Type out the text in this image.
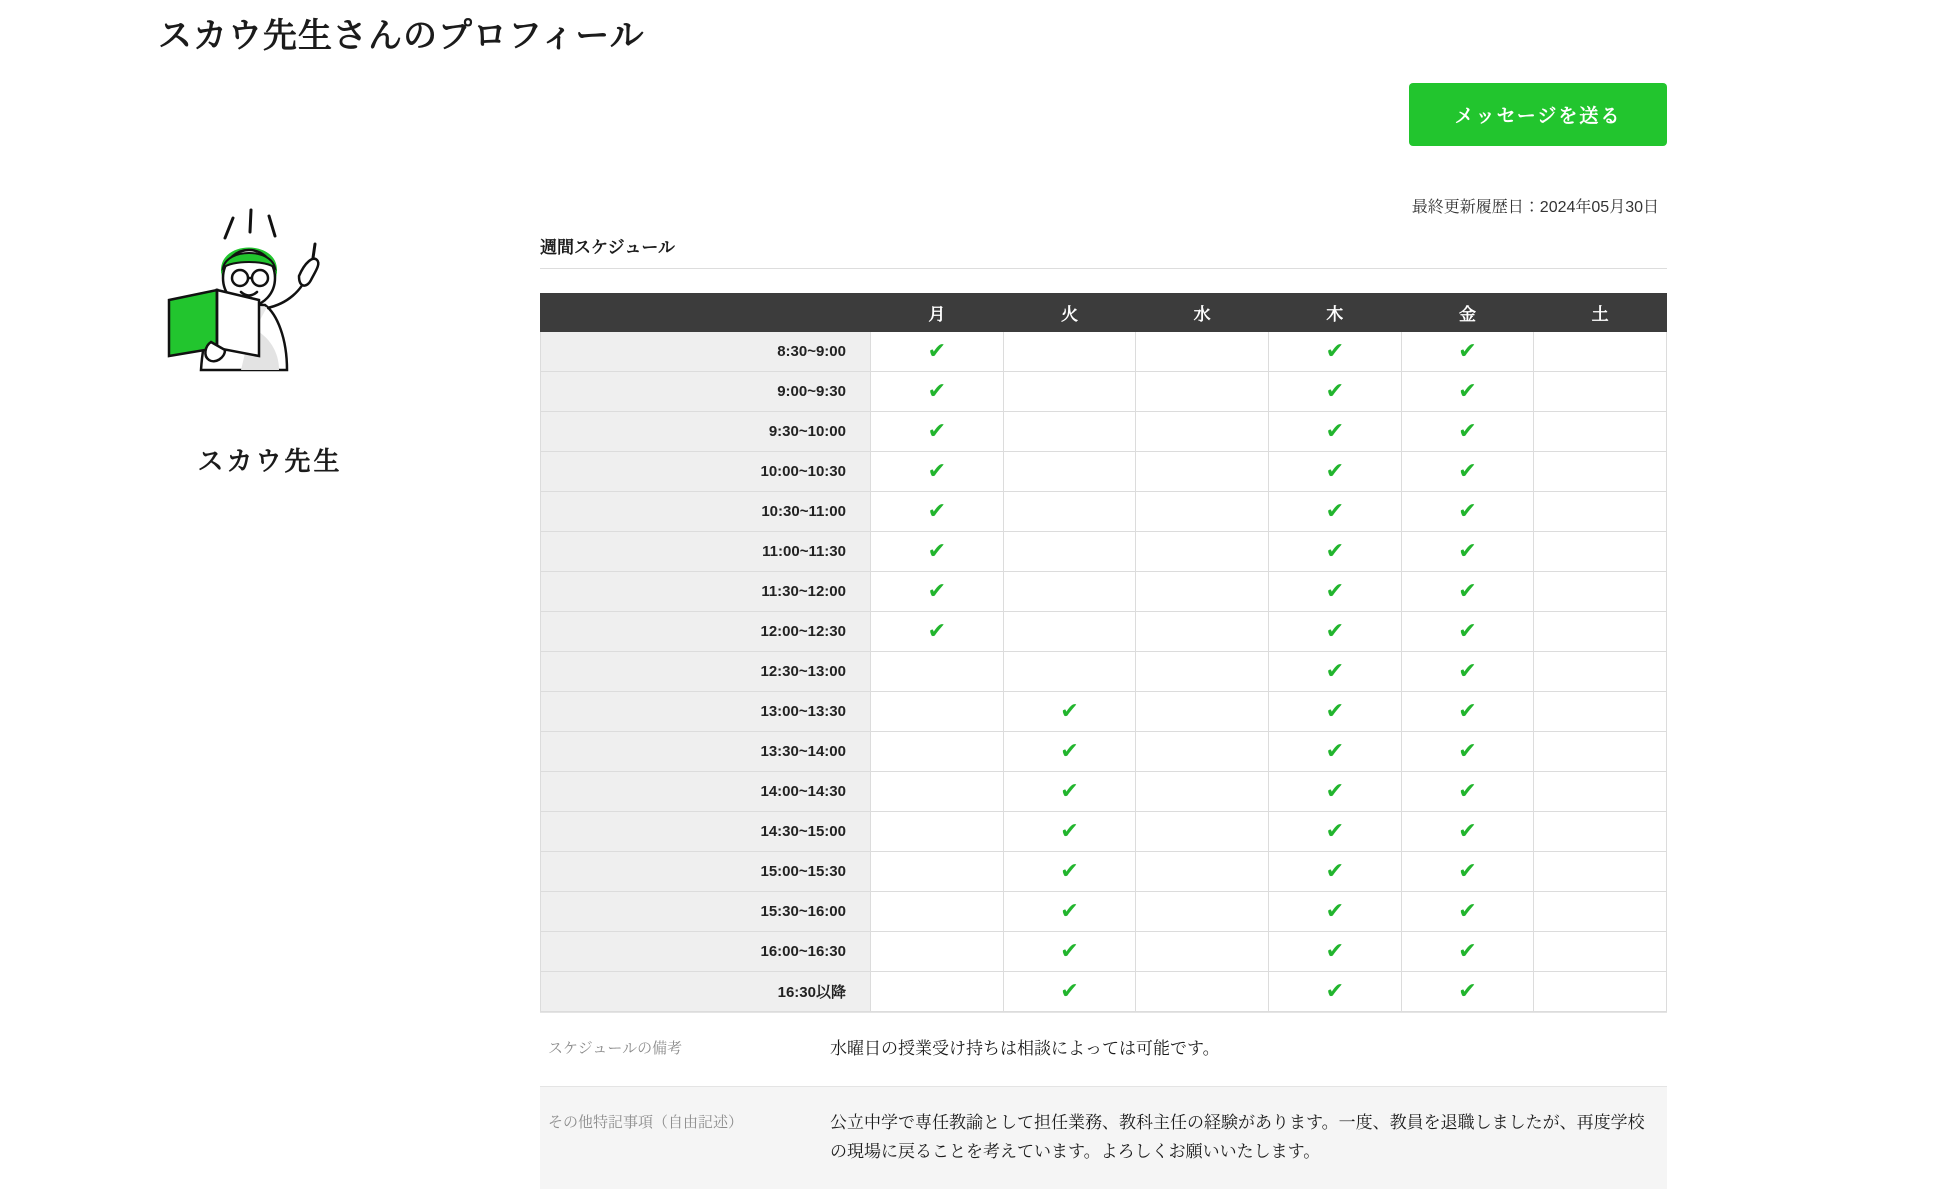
スカウ先生さんのプロフィール
メッセージを送る
スカウ先生
最終更新履歴日：2024年05月30日
週間スケジュール
	月	火	水	木	金	土
8:30~9:00	✔			✔	✔	
9:00~9:30	✔			✔	✔	
9:30~10:00	✔			✔	✔	
10:00~10:30	✔			✔	✔	
10:30~11:00	✔			✔	✔	
11:00~11:30	✔			✔	✔	
11:30~12:00	✔			✔	✔	
12:00~12:30	✔			✔	✔	
12:30~13:00				✔	✔	
13:00~13:30		✔		✔	✔	
13:30~14:00		✔		✔	✔	
14:00~14:30		✔		✔	✔	
14:30~15:00		✔		✔	✔	
15:00~15:30		✔		✔	✔	
15:30~16:00		✔		✔	✔	
16:00~16:30		✔		✔	✔	
16:30以降		✔		✔	✔	
スケジュールの備考	水曜日の授業受け持ちは相談によっては可能です。
その他特記事項（自由記述）	公立中学で専任教諭として担任業務、教科主任の経験があります。一度、教員を退職しましたが、再度学校の現場に戻ることを考えています。よろしくお願いいたします。
